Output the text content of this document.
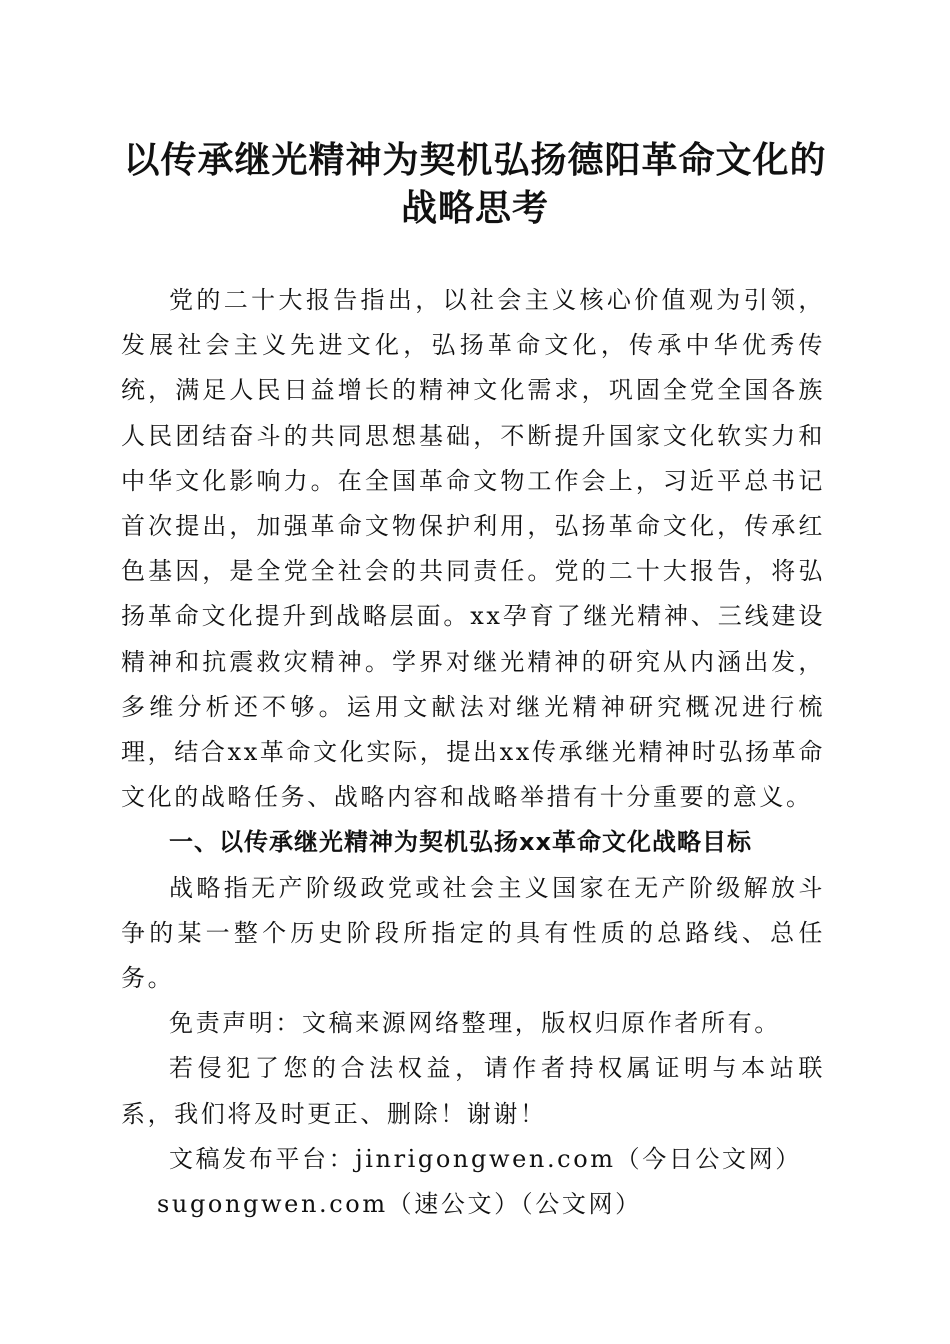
以传承继光精神为契机弘扬德阳革命文化的战略思考

党的二十大报告指出，以社会主义核心价值观为引领，发展社会主义先进文化，弘扬革命文化，传承中华优秀传统，满足人民日益增长的精神文化需求，巩固全党全国各族人民团结奋斗的共同思想基础，不断提升国家文化软实力和中华文化影响力。在全国革命文物工作会上，习近平总书记首次提出，加强革命文物保护利用，弘扬革命文化，传承红色基因，是全党全社会的共同责任。党的二十大报告，将弘扬革命文化提升到战略层面。xx孕育了继光精神、三线建设精神和抗震救灾精神。学界对继光精神的研究从内涵出发，多维分析还不够。运用文献法对继光精神研究概况进行梳理，结合xx革命文化实际，提出xx传承继光精神时弘扬革命文化的战略任务、战略内容和战略举措有十分重要的意义。

一、以传承继光精神为契机弘扬xx革命文化战略目标

战略指无产阶级政党或社会主义国家在无产阶级解放斗争的某一整个历史阶段所指定的具有性质的总路线、总任务。

免责声明：文稿来源网络整理，版权归原作者所有。

若侵犯了您的合法权益，请作者持权属证明与本站联系，我们将及时更正、删除！谢谢！

文稿发布平台：jinrigongwen.com（今日公文网）

sugongwen.com（速公文）（公文网）
